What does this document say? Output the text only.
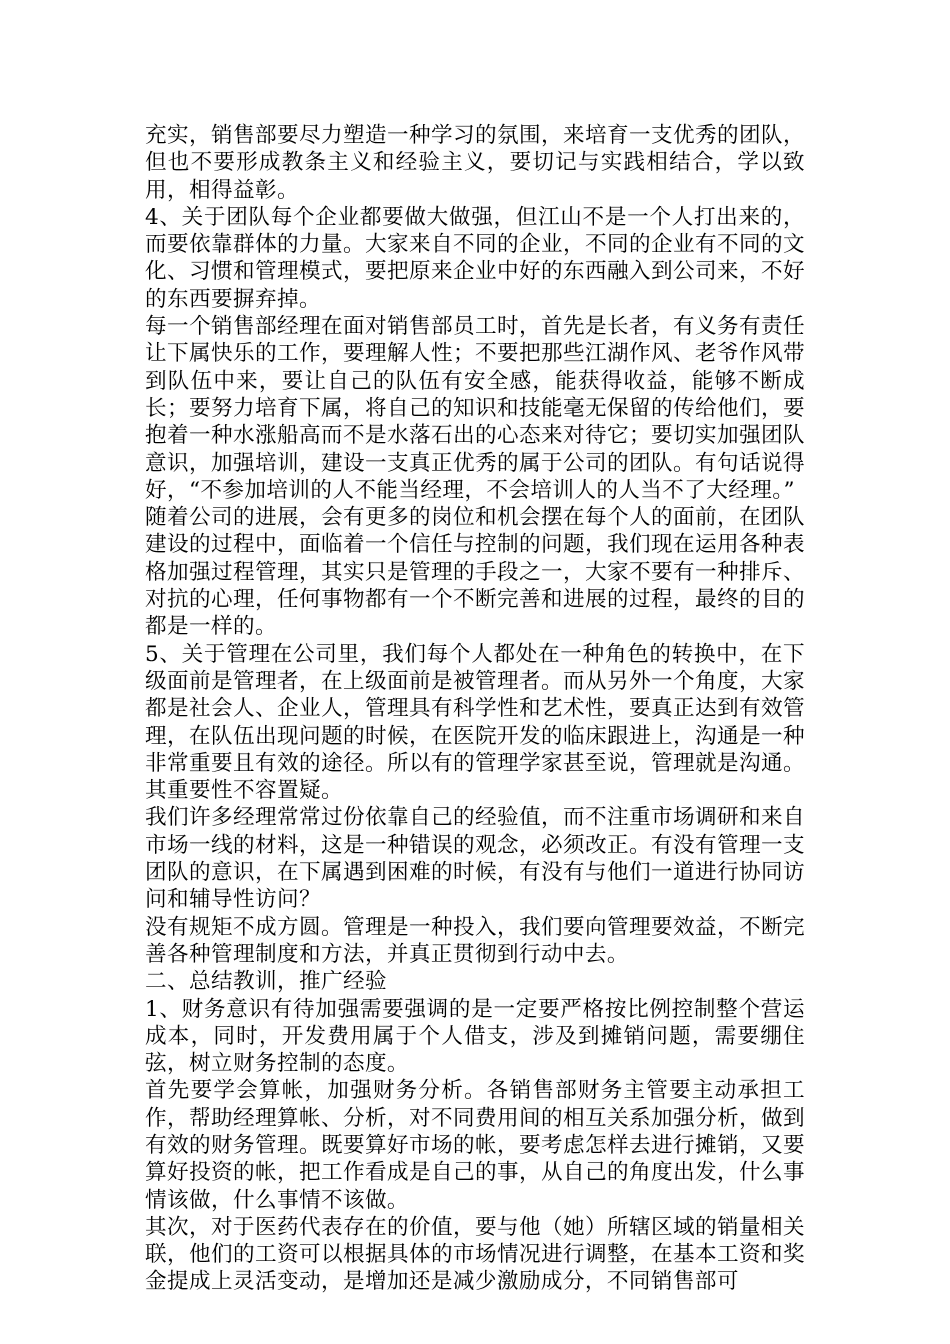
充实，销售部要尽力塑造一种学习的氛围，来培育一支优秀的团队，但也不要形成教条主义和经验主义，要切记与实践相结合，学以致用，相得益彰。

4、关于团队每个企业都要做大做强，但江山不是一个人打出来的，而要依靠群体的力量。大家来自不同的企业，不同的企业有不同的文化、习惯和管理模式，要把原来企业中好的东西融入到公司来，不好的东西要摒弃掉。

每一个销售部经理在面对销售部员工时，首先是长者，有义务有责任让下属快乐的工作，要理解人性；不要把那些江湖作风、老爷作风带到队伍中来，要让自己的队伍有安全感，能获得收益，能够不断成长；要努力培育下属，将自己的知识和技能毫无保留的传给他们，要抱着一种水涨船高而不是水落石出的心态来对待它；要切实加强团队意识，加强培训，建设一支真正优秀的属于公司的团队。有句话说得好，“不参加培训的人不能当经理，不会培训人的人当不了大经理。”

随着公司的进展，会有更多的岗位和机会摆在每个人的面前，在团队建设的过程中，面临着一个信任与控制的问题，我们现在运用各种表格加强过程管理，其实只是管理的手段之一，大家不要有一种排斥、对抗的心理，任何事物都有一个不断完善和进展的过程，最终的目的都是一样的。

5、关于管理在公司里，我们每个人都处在一种角色的转换中，在下级面前是管理者，在上级面前是被管理者。而从另外一个角度，大家都是社会人、企业人，管理具有科学性和艺术性，要真正达到有效管理，在队伍出现问题的时候，在医院开发的临床跟进上，沟通是一种非常重要且有效的途径。所以有的管理学家甚至说，管理就是沟通。其重要性不容置疑。

我们许多经理常常过份依靠自己的经验值，而不注重市场调研和来自市场一线的材料，这是一种错误的观念，必须改正。有没有管理一支团队的意识，在下属遇到困难的时候，有没有与他们一道进行协同访问和辅导性访问？

没有规矩不成方圆。管理是一种投入，我们要向管理要效益，不断完善各种管理制度和方法，并真正贯彻到行动中去。

二、总结教训，推广经验

1、财务意识有待加强需要强调的是一定要严格按比例控制整个营运成本，同时，开发费用属于个人借支，涉及到摊销问题，需要绷住弦，树立财务控制的态度。

首先要学会算帐，加强财务分析。各销售部财务主管要主动承担工作，帮助经理算帐、分析，对不同费用间的相互关系加强分析，做到有效的财务管理。既要算好市场的帐，要考虑怎样去进行摊销，又要算好投资的帐，把工作看成是自己的事，从自己的角度出发，什么事情该做，什么事情不该做。

其次，对于医药代表存在的价值，要与他（她）所辖区域的销量相关联，他们的工资可以根据具体的市场情况进行调整，在基本工资和奖金提成上灵活变动，是增加还是减少激励成分，不同销售部可
